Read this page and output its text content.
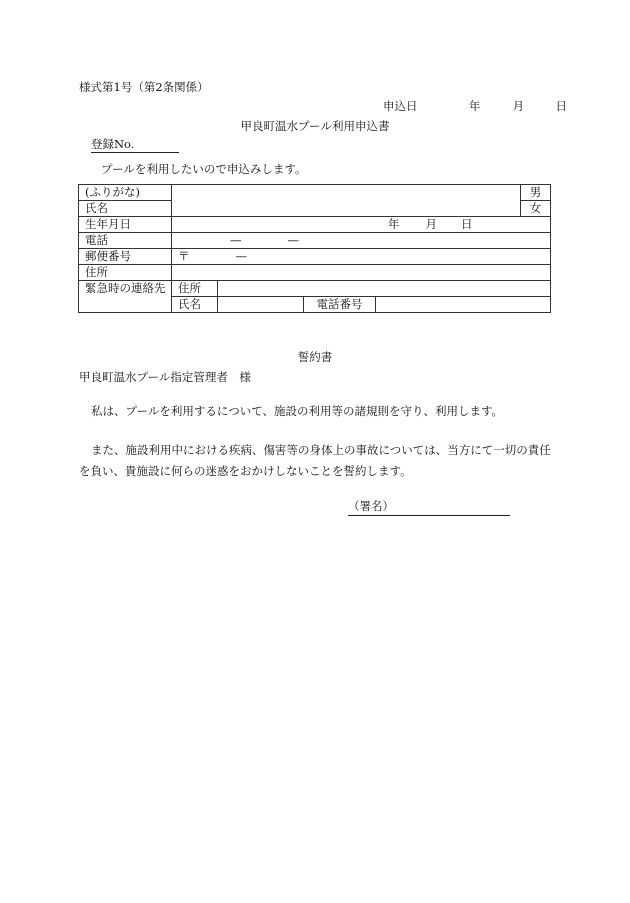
様式第1号（第2条関係）
申込日	年	月	日
甲良町温水プール利用申込書
登録No.
プールを利用したいので申込みします。
(ふりがな)					男
氏名					女
生年月日	年 月 日				
電話	— —				
郵便番号	〒 —				
住所					
緊急時の連絡先	住所				
	氏名		電話番号		
誓約書
甲良町温水プール指定管理者　様
私は、プールを利用するについて、施設の利用等の諸規則を守り、利用します。
また、施設利用中における疾病、傷害等の身体上の事故については、当方にて一切の責任を負い、貴施設に何らの迷惑をおかけしないことを誓約します。
（署名）
